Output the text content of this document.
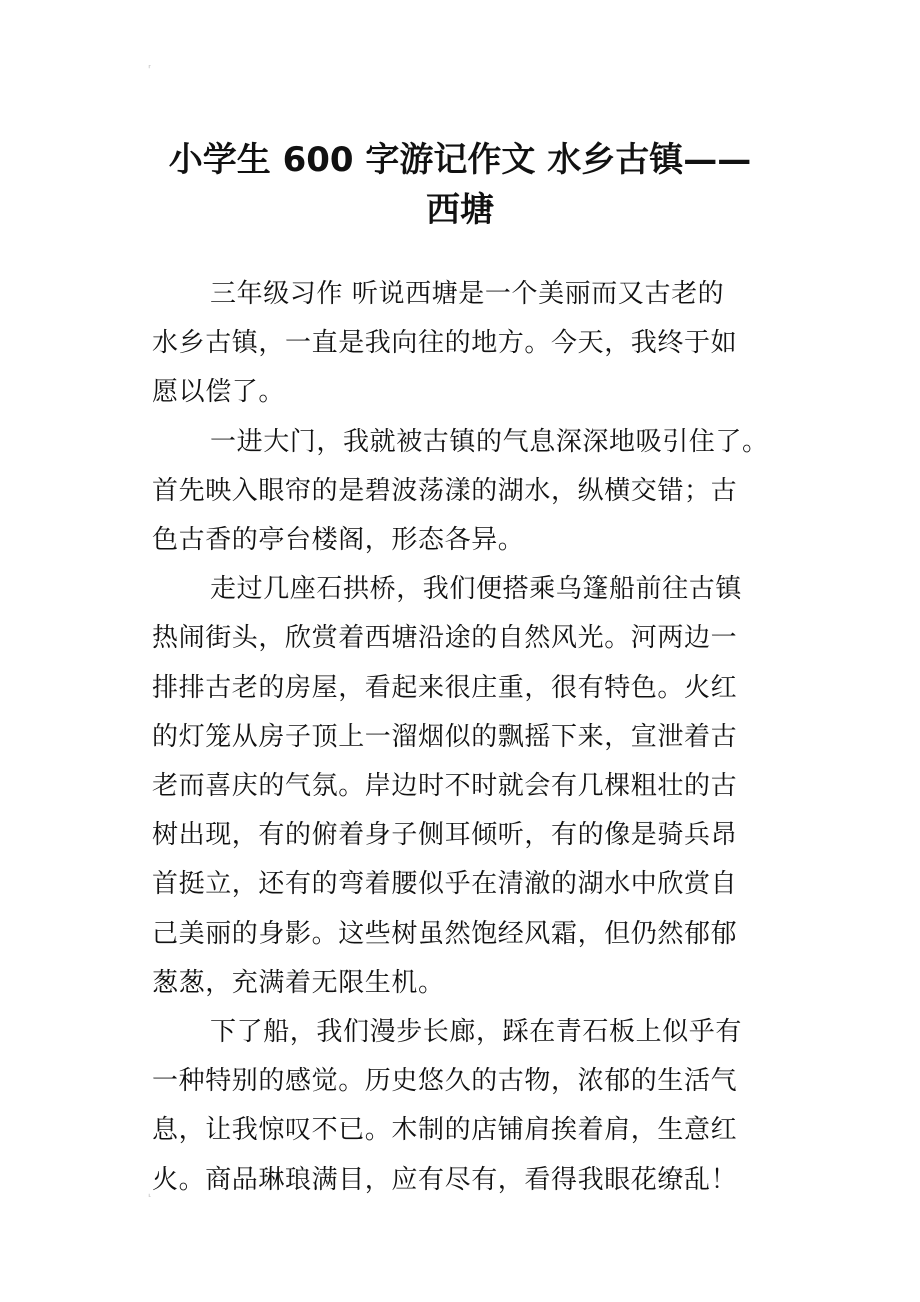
⸢
⸤
小学生 600 字游记作文 水乡古镇——
西塘

三年级习作 听说西塘是一个美丽而又古老的
水乡古镇，一直是我向往的地方。今天，我终于如
愿以偿了。

一进大门，我就被古镇的气息深深地吸引住了。
首先映入眼帘的是碧波荡漾的湖水，纵横交错；古
色古香的亭台楼阁，形态各异。

走过几座石拱桥，我们便搭乘乌篷船前往古镇
热闹街头，欣赏着西塘沿途的自然风光。河两边一
排排古老的房屋，看起来很庄重，很有特色。火红
的灯笼从房子顶上一溜烟似的飘摇下来，宣泄着古
老而喜庆的气氛。岸边时不时就会有几棵粗壮的古
树出现，有的俯着身子侧耳倾听，有的像是骑兵昂
首挺立，还有的弯着腰似乎在清澈的湖水中欣赏自
己美丽的身影。这些树虽然饱经风霜，但仍然郁郁
葱葱，充满着无限生机。

下了船，我们漫步长廊，踩在青石板上似乎有
一种特别的感觉。历史悠久的古物，浓郁的生活气
息，让我惊叹不已。木制的店铺肩挨着肩，生意红
火。商品琳琅满目，应有尽有，看得我眼花缭乱！
